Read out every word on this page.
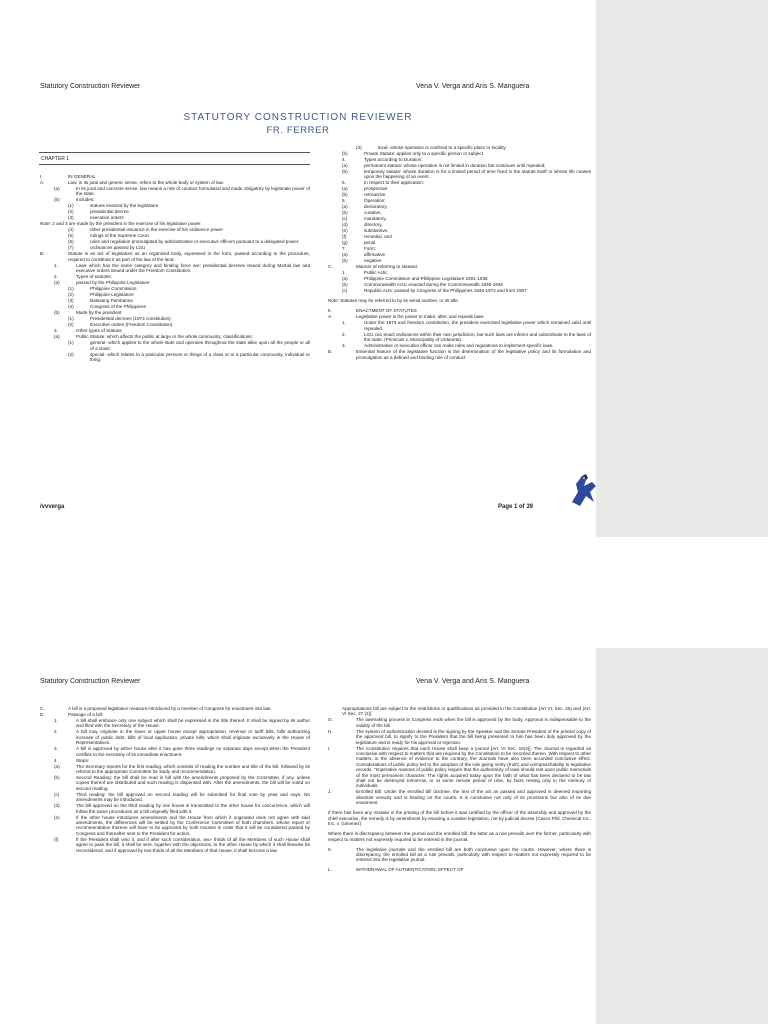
Statutory Construction Reviewer	Vena V. Verga and Aris S. Manguera
STATUTORY CONSTRUCTION REVIEWER
FR. FERRER
CHAPTER 1
I.	IN GENERAL
A.	Law, in its jural and generic sense, refers to the whole body or system of law.
(a)	In its jural and concrete sense, law means a rule of conduct formulated and made obligatory by legitimate power of the state.
(b)	Includes:
(1)	statues enacted by the legislature
(2)	presidential decree
(3)	executive orders
Note: 2 and 3 are made by the president in the exercise of his legislative power.
(4)	other presidential issuance in the exercise of his ordinance power
(5)	rulings of the Supreme Court
(6)	rules and regulation promulgated by administrative or executive officers pursuant to a delegated power
(7)	ordinances passed by LGU
B.	Statute is an act of legislature as an organized body, expressed in the form, passed according to the procedure, required to constitute it as part of the law of the land.
1.	Laws which has the same category and binding force are: presidential decrees issued during Martial law and executive orders issued under the Freedom Constitution.
2.	Types of statutes:
(a)	passed by the Philippine Legislature
(1)	Philippine Commission
(2)	Philippine Legislature
(3)	Batasang Pambansa
(4)	Congress of the Philippines
(b)	Made by the president
(1)	Presidential decrees (1973 constitution)
(2)	Executive orders (Freedom Constitution)
3.	Other types of Statues
(a)	Public Statute: which affects the public at large or the whole community; classifications:
(1)	general- which applies to the whole state and operates throughout the state alike upon all the people or all of a class;
(2)	special- which relates to a particular persons or things of a class or to a particular community, individual or thing;
(3)	local- whose operation is confined to a specific place or locality
(b)	Private Statute: applies only to a specific person or subject
4.	Types according to Duration:
(a)	permanent statute: whose operation is not limited in duration but continues until repealed;
(b)	temporary statute: whose duration is for a limited period of time fixed in the statute itself or whose life ceases upon the happening of an event.
5.	In respect to their application:
(a)	prospective
(b)	retroactive.
6.	Operation:
(a)	declaratory,
(b)	curative,
(c)	mandatory,
(d)	directory,
(e)	substantive,
(f)	remedial, and
(g)	penal.
7.	Form:
(a)	affirmative
(b)	negative
C.	Manner of referring to statutes
1.	Public Acts:
(a)	Philippine Commission and Philippine Legislature 1901-1935
(b)	Commonwealth Acts: enacted during the Commonwealth 1936-1946
(c)	Republic Acts: passed by Congress of the Philippines 1946-1972 and from 1987
Note: Statutes may be referred to by its serial number, or its title.
II.	ENACTMENT OF STATUTES
A.	Legislative power is the power to make, alter, and repeals laws.
1.	Under the 1973 and freedom constitution, the president exercised legislative power which remained valid until repealed.
2.	LGU can enact ordinances within their own jurisdiction, but such laws are inferior and subordinate to the laws of the state. (Primicias v. Municipality of Urdaneta).
3.	Administrative or executive officer can make rules and regulations to implement specific laws.
B.	Essential feature of the legislative function is the determination of the legislative policy and its formulation and promulgation as a defined and binding rule of conduct
/vvverga	Page 1 of 39
Statutory Construction Reviewer	Vena V. Verga and Aris S. Manguera
C.	A bill is a proposed legislative measure introduced by a member of Congress for enactment into law.
D.	Passage of a bill:
1.	A bill shall embrace only one subject which shall be expressed in the title thereof. It shall be signed by its author and filed with the Secretary of the House.
2.	A bill may originate in the lower or upper house except appropriation, revenue or tariff bills, bills authorizing increase of public debt, bills of local application, private bills, which shall originate exclusively in the House of Representatives.
3.	A bill is approved by either house after it has gone three readings on separate days except when the President certifies to the necessity of its immediate enactment.
4.	Steps:
(a)	The Secretary reports for the first reading, which consists of reading the number and title of the bill, followed by its referral to the appropriate Committee for study and recommendation.
(b)	Second Reading: the bill shall be read in full with the amendments proposed by the Committee, if any, unless copies thereof are distributed and such reading is dispensed with. After the amendments, the bill will be voted on second reading.
(c)	Third reading: the bill approved on second reading will be submitted for final vote by yeas and nays. No amendments may be introduced.
(d)	The bill approved on the third reading by one house is transmitted to the other house for concurrence, which will follow the same procedures as a bill originally filed with it.
(e)	If the other house introduces amendments and the House from which it originated does not agree with said amendments, the differences will be settled by the Conference Committee of both chambers, whose report or recommendation thereon will have to be approved by both Houses in order that it will be considered passed by Congress and thereafter sent to the President for action.
(f)	If the President shall veto it, and if after such consideration, two- thirds of all the Members of such House shall agree to pass the bill, it shall be sent, together with the objections, to the other House by which it shall likewise be reconsidered, and if approved by two-thirds of all the Members of that House, it shall become a law.
Appropriations bill are subject to the restrictions or qualifications as provided in the Constitution [Art VI, Sec. 25) and [Art. VI Sec. 27 (2)]
G.	The lawmaking process in Congress ends when the bill is approved by the body. Approval is indispensable to the validity of the bill.
H.	The system of authentication devised is the signing by the Speaker and the Senate President of the printed copy of the approved bill, to signify to the President that the bill being presented to him has been duly approved by the legislature and is ready for his approval or rejection.
I.	The Constitution requires that each House shall keep a journal [Art. VI Sec. 16(4)]. The Journal is regarded as conclusive with respect to matters that are required by the Constitution to be recorded therein. With respect to other matters, in the absence of evidence to the contrary, the Journals have also been accorded conclusive effect. Considerations of public policy led to the adoption of the rule giving verity (truth) and unimpeachability to legislative records. "Imperative reasons of public policy require that the authenticity of laws should rest upon public memorials of the most permanent character. The rights acquired today upon the faith of what has been declared to be law shall not be destroyed tomorrow, or at some remote period of time, by facts resting only in the memory of individuals.
J.	Enrolled Bill. Under the enrolled bill doctrine, the text of the act as passed and approved is deemed importing absolute veracity and is binding on the courts. It is conclusive not only of its provisions but also of its due enactment.
If there has been any mistake in the printing of the bill before it was certified by the officer of the assembly and approved by the chief executive, the remedy is by amendment by enacting a curative legislation, not by judicial decree (Casco Phil. Chemical Co., Inc. v. Gimenez)
Where there is discrepancy between the journal and the enrolled bill, the latter as a rule prevails over the former, particularly with respect to matters not expressly required to be entered in the journal.
K.	The legislative journals and the enrolled bill are both conclusive upon the courts. However, where there is discrepancy, the enrolled bill as a rule prevails, particularly with respect to matters not expressly required to be entered into the legislative journal.
L.	WITHDRAWAL OF AUTHENTICATION; EFFECT OF
